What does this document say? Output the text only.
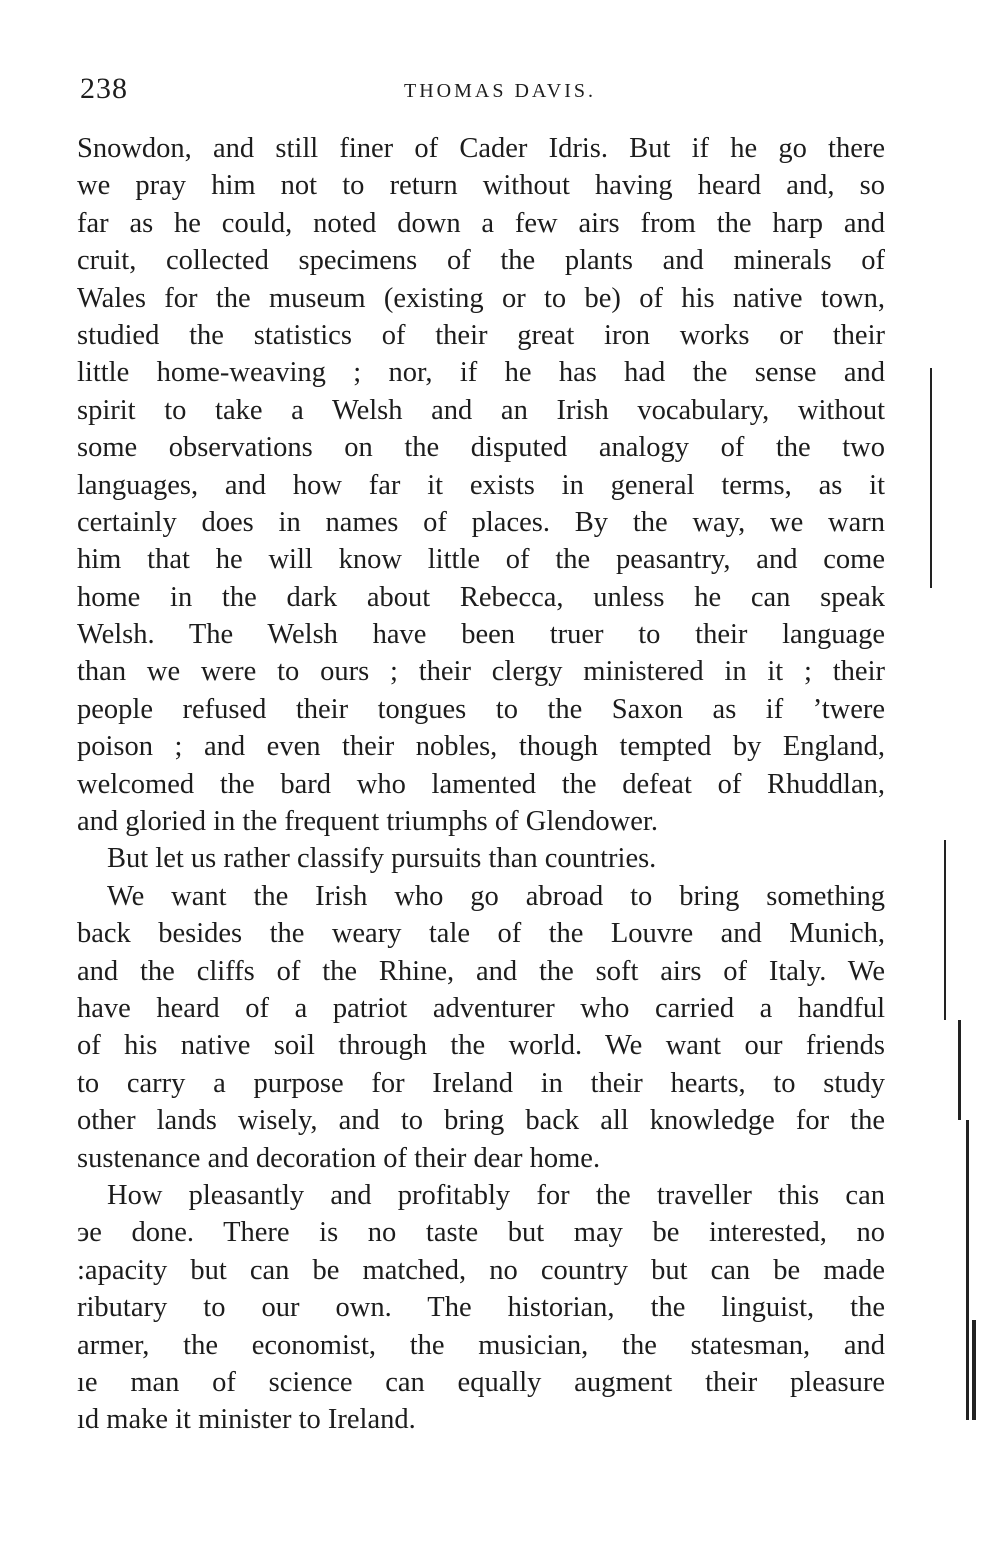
238	THOMAS DAVIS.
Snowdon, and still finer of Cader Idris. But if he go there
we pray him not to return without having heard and, so
far as he could, noted down a few airs from the harp and
cruit, collected specimens of the plants and minerals of
Wales for the museum (existing or to be) of his native town,
studied the statistics of their great iron works or their
little home-weaving ; nor, if he has had the sense and
spirit to take a Welsh and an Irish vocabulary, without
some observations on the disputed analogy of the two
languages, and how far it exists in general terms, as it
certainly does in names of places. By the way, we warn
him that he will know little of the peasantry, and come
home in the dark about Rebecca, unless he can speak
Welsh. The Welsh have been truer to their language
than we were to ours ; their clergy ministered in it ; their
people refused their tongues to the Saxon as if ’twere
poison ; and even their nobles, though tempted by England,
welcomed the bard who lamented the defeat of Rhuddlan,
and gloried in the frequent triumphs of Glendower.
But let us rather classify pursuits than countries.
We want the Irish who go abroad to bring something
back besides the weary tale of the Louvre and Munich,
and the cliffs of the Rhine, and the soft airs of Italy. We
have heard of a patriot adventurer who carried a handful
of his native soil through the world. We want our friends
to carry a purpose for Ireland in their hearts, to study
other lands wisely, and to bring back all knowledge for the
sustenance and decoration of their dear home.
How pleasantly and profitably for the traveller this can
эe done. There is no taste but may be interested, no
:apacity but can be matched, no country but can be made
ributary to our own. The historian, the linguist, the
armer, the economist, the musician, the statesman, and
ıe man of science can equally augment their pleasure
ıd make it minister to Ireland.
